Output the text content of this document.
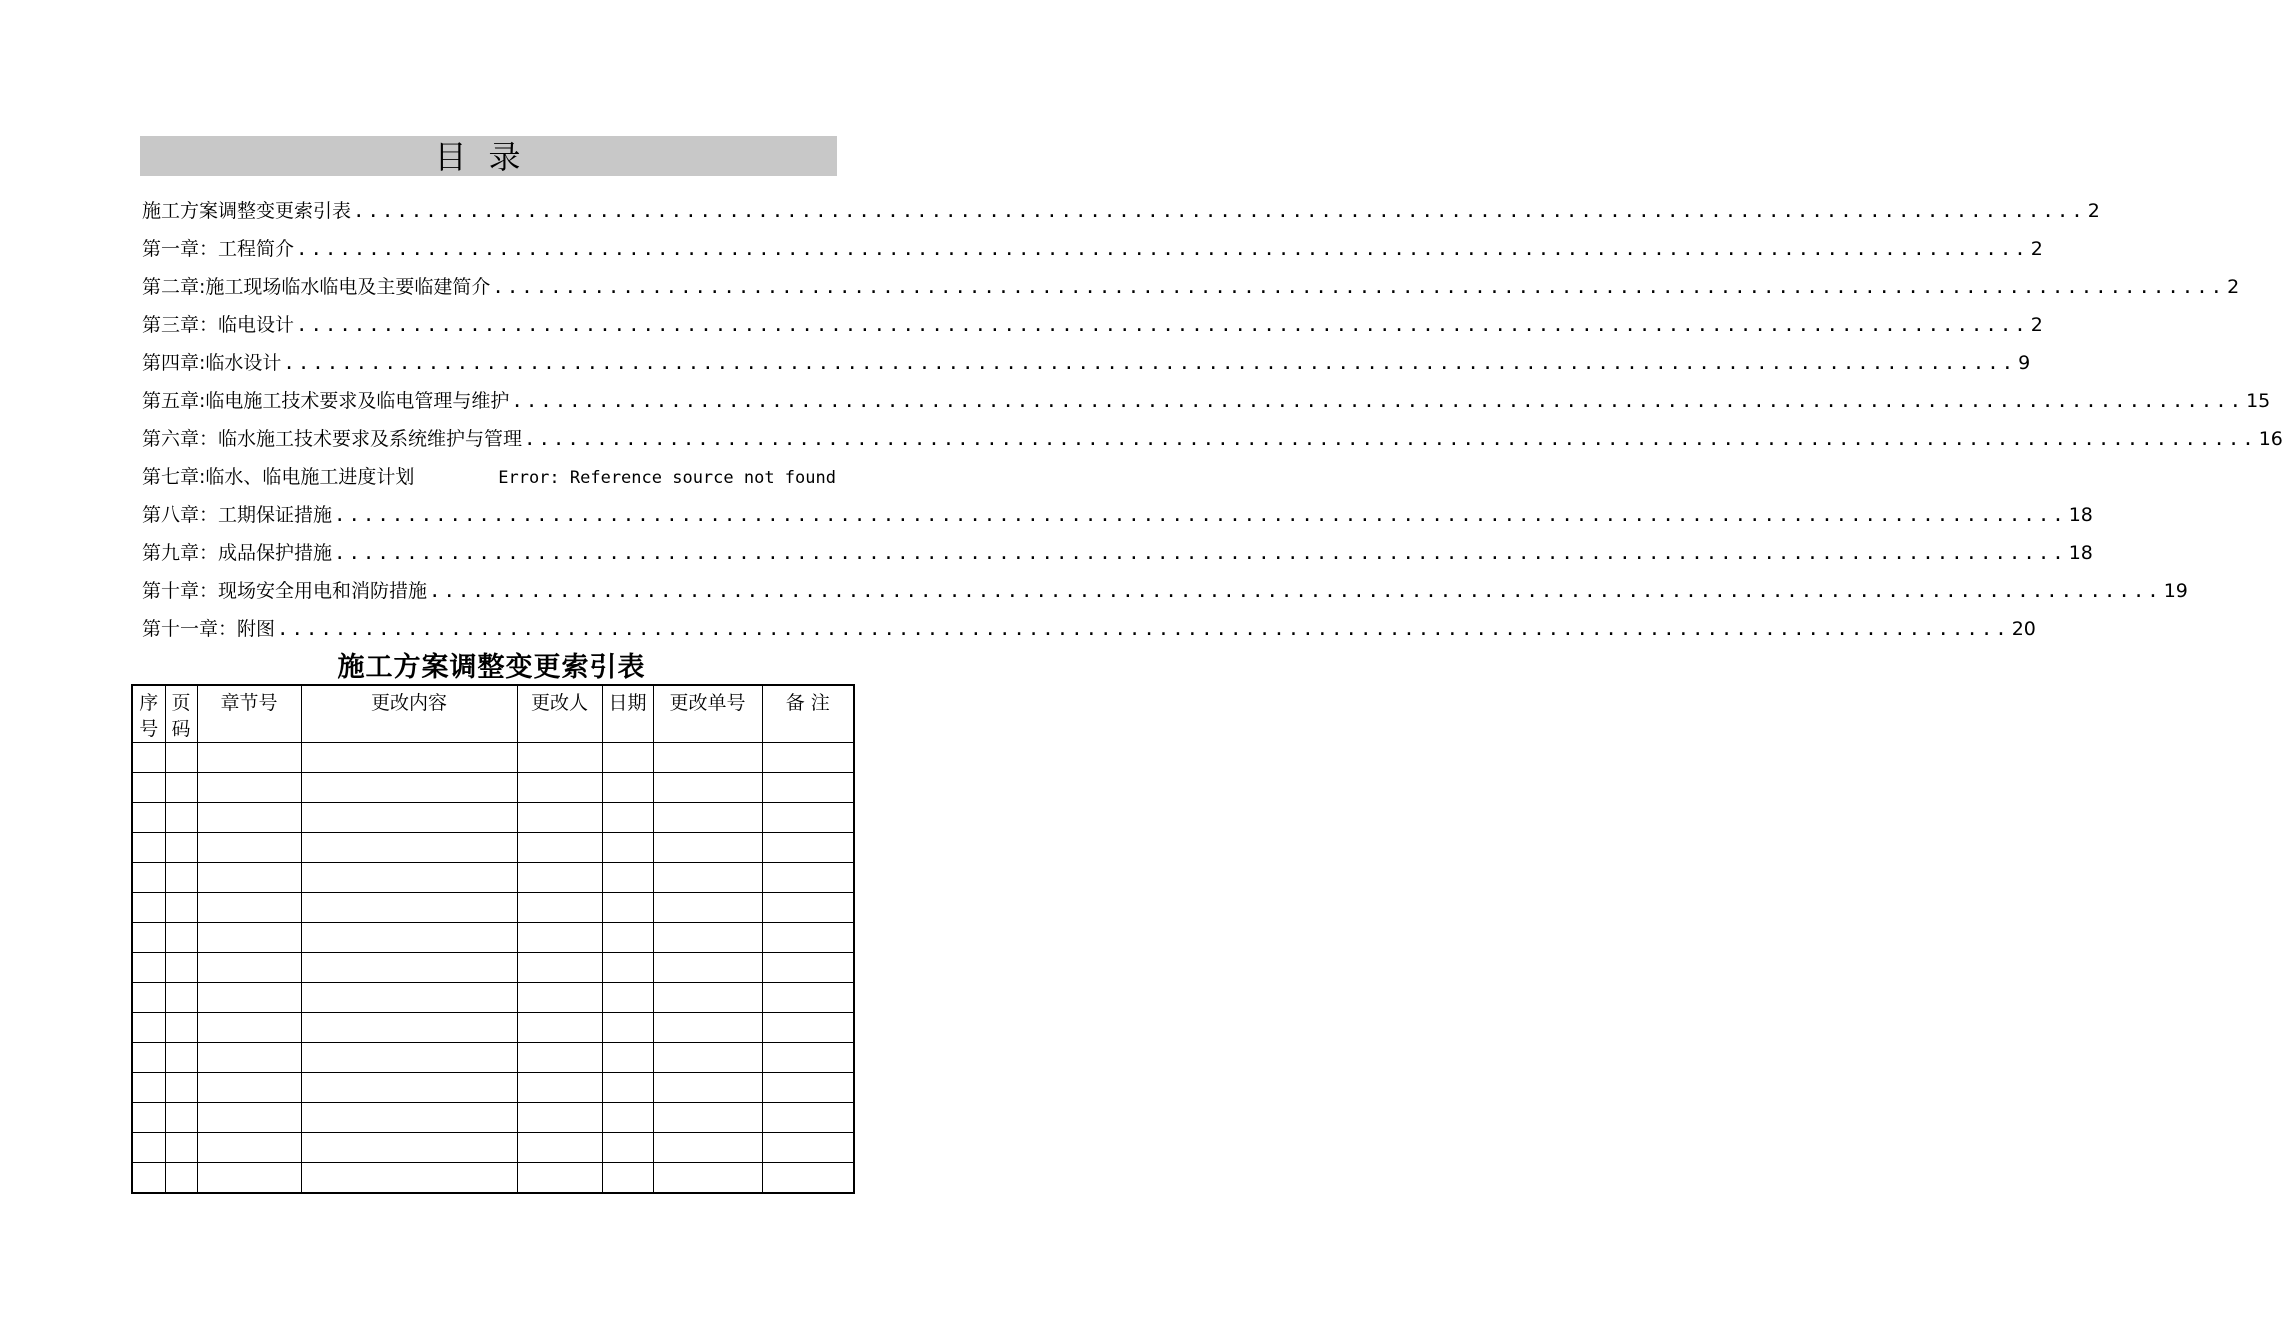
目录
施工方案调整变更索引表 ........................................................................................................................ 2
第一章：工程简介 ........................................................................................................................ 2
第二章:施工现场临水临电及主要临建简介 ........................................................................................................................ 2
第三章：临电设计 ........................................................................................................................ 2
第四章:临水设计 ........................................................................................................................ 9
第五章:临电施工技术要求及临电管理与维护 ........................................................................................................................ 15
第六章：临水施工技术要求及系统维护与管理 ........................................................................................................................ 16
第七章:临水、临电施工进度计划	Error: Reference source not found
第八章：工期保证措施 ........................................................................................................................ 18
第九章：成品保护措施 ........................................................................................................................ 18
第十章：现场安全用电和消防措施 ........................................................................................................................ 19
第十一章：附图 ........................................................................................................................ 20
施工方案调整变更索引表
序号	页码	章节号	更改内容	更改人	日期	更改单号	备 注
